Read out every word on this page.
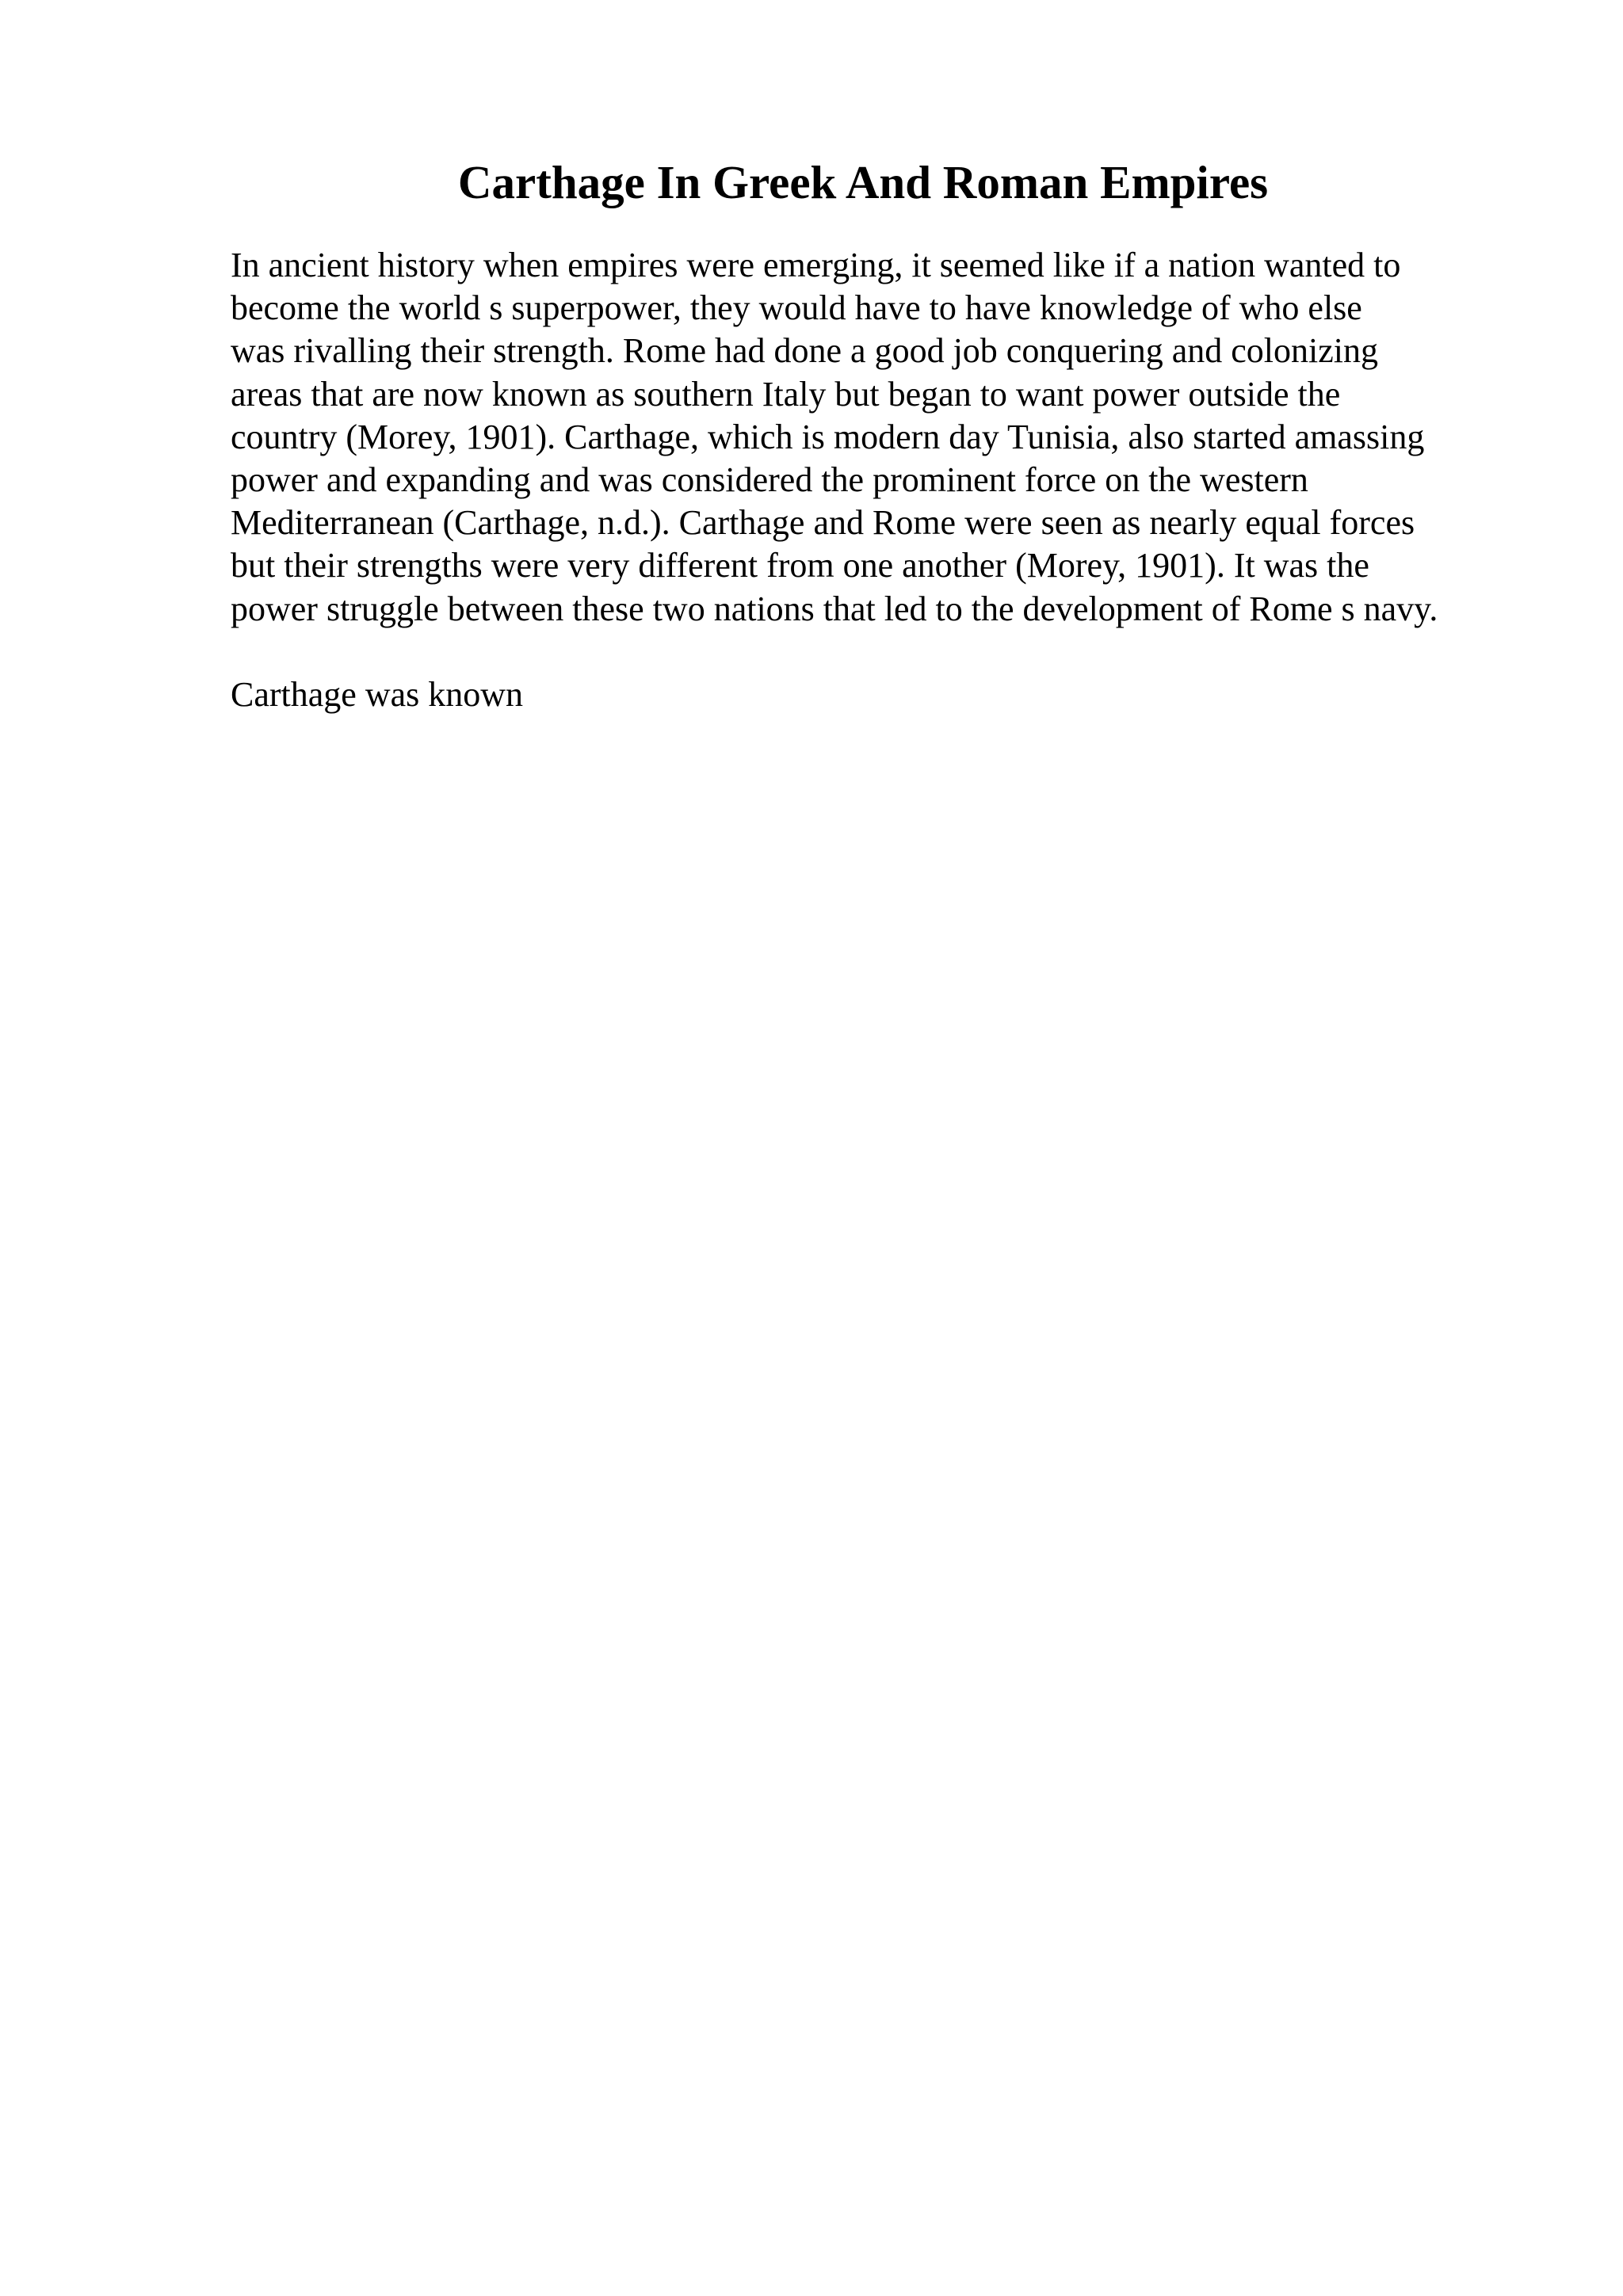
Carthage In Greek And Roman Empires
In ancient history when empires were emerging, it seemed like if a nation wanted to
become the world s superpower, they would have to have knowledge of who else
was rivalling their strength. Rome had done a good job conquering and colonizing
areas that are now known as southern Italy but began to want power outside the
country (Morey, 1901). Carthage, which is modern day Tunisia, also started amassing
power and expanding and was considered the prominent force on the western
Mediterranean (Carthage, n.d.). Carthage and Rome were seen as nearly equal forces
but their strengths were very different from one another (Morey, 1901). It was the
power struggle between these two nations that led to the development of Rome s navy.
Carthage was known
